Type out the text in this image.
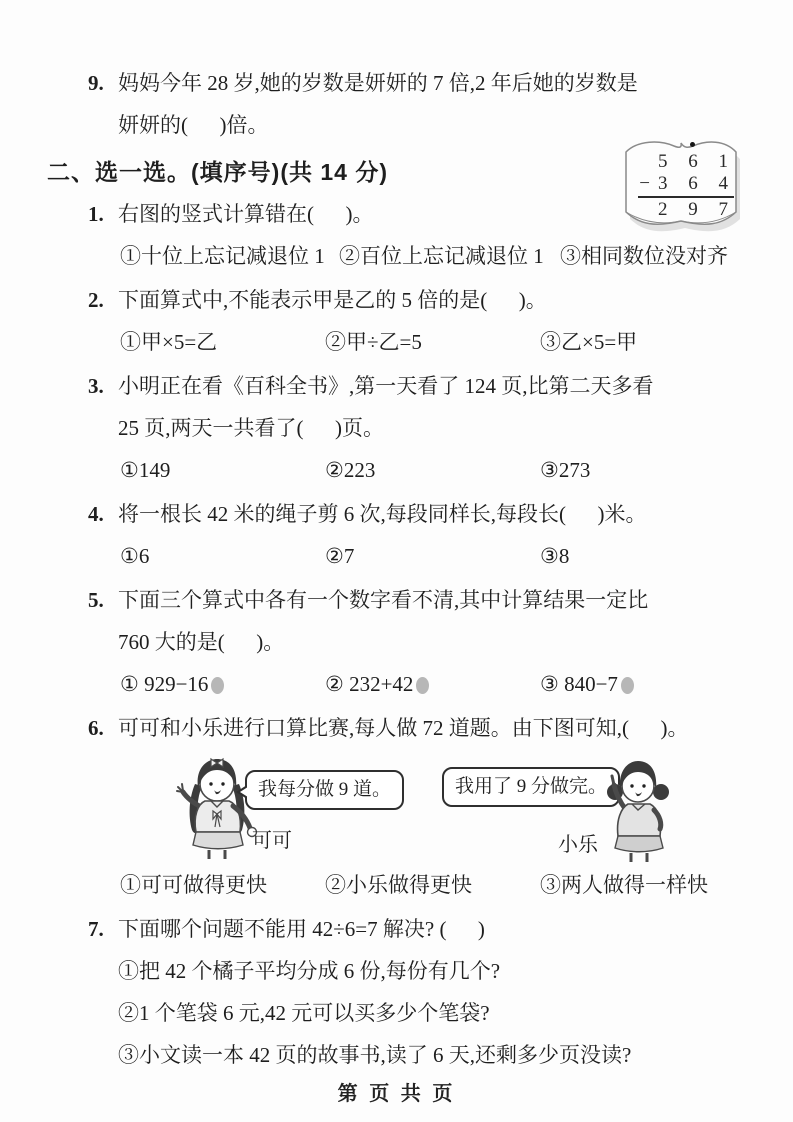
9. 妈妈今年 28 岁,她的岁数是妍妍的 7 倍,2 年后她的岁数是
妍妍的(      )倍。
二、选一选。(填序号)(共 14 分)	5 6 1
−3 6 4
2 9 7
1. 右图的竖式计算错在(      )。
①十位上忘记减退位 1 ②百位上忘记减退位 1 ③相同数位没对齐
2. 下面算式中,不能表示甲是乙的 5 倍的是(      )。
①甲×5=乙	②甲÷乙=5	③乙×5=甲
3. 小明正在看《百科全书》,第一天看了 124 页,比第二天多看
25 页,两天一共看了(      )页。
①149	②223	③273
4. 将一根长 42 米的绳子剪 6 次,每段同样长,每段长(      )米。
①6	②7	③8
5. 下面三个算式中各有一个数字看不清,其中计算结果一定比
760 大的是(      )。
① 929−16	② 232+42	③ 840−7
6. 可可和小乐进行口算比赛,每人做 72 道题。由下图可知,(      )。
我每分做 9 道。
可可
我用了 9 分做完。
小乐
①可可做得更快	②小乐做得更快	③两人做得一样快
7. 下面哪个问题不能用 42÷6=7 解决? (      )
①把 42 个橘子平均分成 6 份,每份有几个?
②1 个笔袋 6 元,42 元可以买多少个笔袋?
③小文读一本 42 页的故事书,读了 6 天,还剩多少页没读?
第 页 共 页
